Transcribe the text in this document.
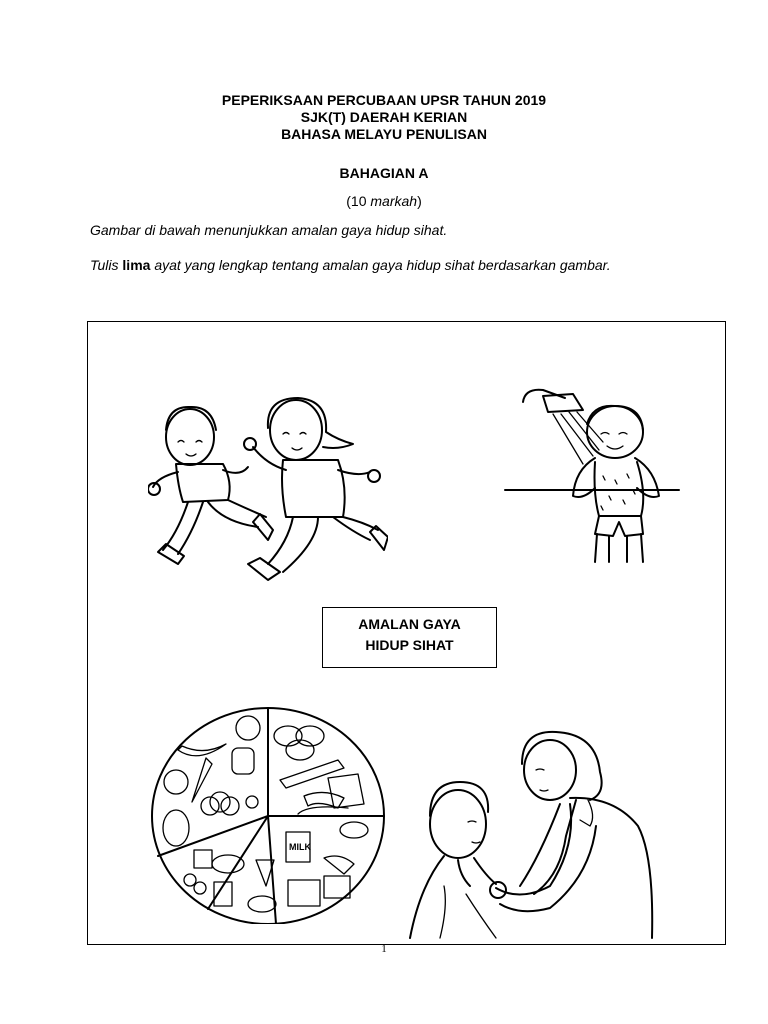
PEPERIKSAAN PERCUBAAN UPSR TAHUN 2019
SJK(T) DAERAH KERIAN
BAHASA MELAYU PENULISAN
BAHAGIAN A
(10 markah)
Gambar di bawah menunjukkan amalan gaya hidup sihat.
Tulis lima ayat yang lengkap tentang amalan gaya hidup sihat berdasarkan gambar.
AMALAN GAYA
HIDUP SIHAT
MILK
1
